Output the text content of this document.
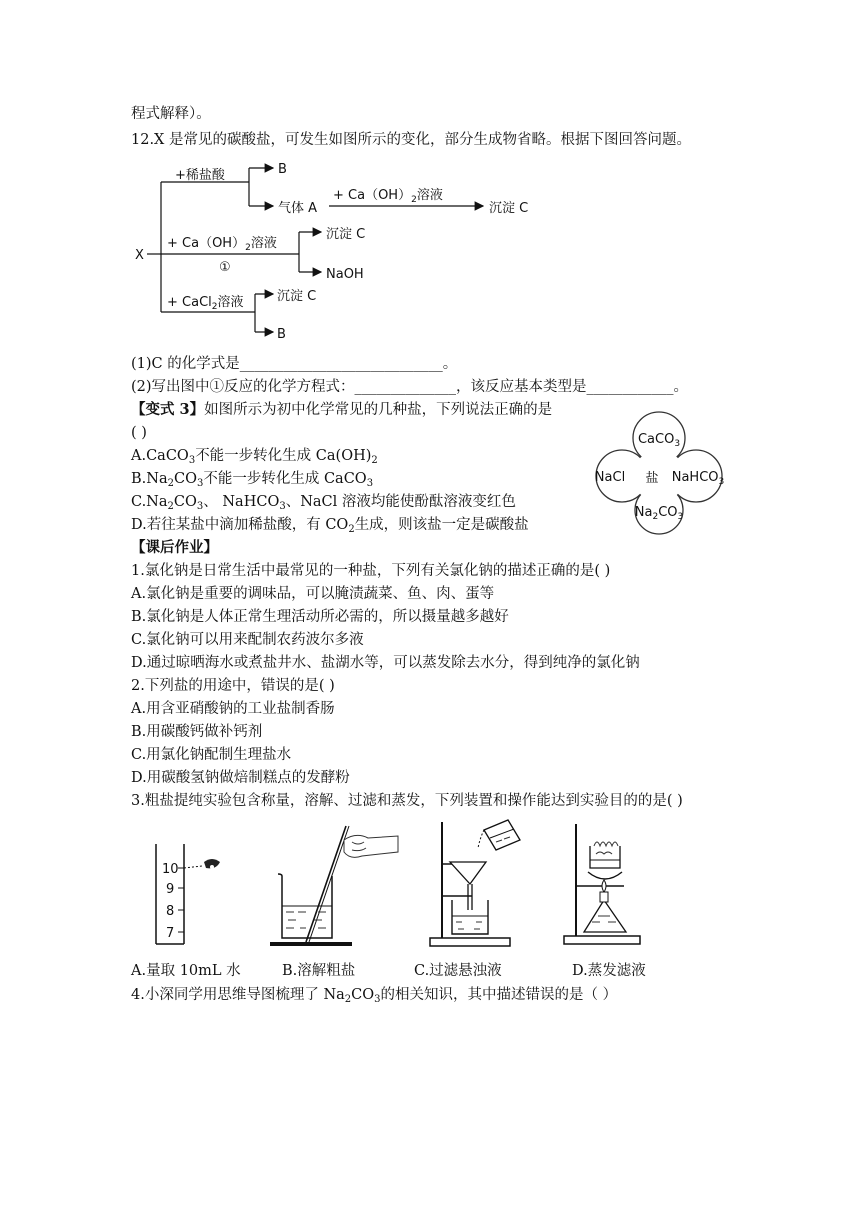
程式解释）。
12.X 是常见的碳酸盐，可发生如图所示的变化，部分生成物省略。根据下图回答问题。
X
+稀盐酸	B
气体 A
+ $Ca(OH)_2$溶液
沉淀 C
+ $Ca(OH)_2$溶液
①
沉淀 C
NaOH
+ CaCl$_2$溶液	沉淀 C
B
(1)C 的化学式是____________________________。
(2)写出图中①反应的化学方程式：______________，该反应基本类型是____________。
【变式 3】如图所示为初中化学常见的几种盐，下列说法正确的是
( )
A.CaCO$_3$不能一步转化生成 $Ca(OH)_2$
$B.Na_2CO_3$不能一步转化生成 CaCO$_3$
$C.Na_2CO_3$、 NaHCO$_3$、NaCl 溶液均能使酚酞溶液变红色
D.若往某盐中滴加稀盐酸，有 $CO_2$生成，则该盐一定是碳酸盐
CaCO$_3$
NaCl	NaHCO$_3$
$Na_2CO_3$
盐
【课后作业】
1.氯化钠是日常生活中最常见的一种盐，下列有关氯化钠的描述正确的是( )
A.氯化钠是重要的调味品，可以腌渍蔬菜、鱼、肉、蛋等
B.氯化钠是人体正常生理活动所必需的，所以摄量越多越好
C.氯化钠可以用来配制农药波尔多液
D.通过晾晒海水或煮盐井水、盐湖水等，可以蒸发除去水分，得到纯净的氯化钠
2.下列盐的用途中，错误的是( )
A.用含亚硝酸钠的工业盐制香肠
B.用碳酸钙做补钙剂
C.用氯化钠配制生理盐水
D.用碳酸氢钠做焙制糕点的发酵粉
3.粗盐提纯实验包含称量，溶解、过滤和蒸发，下列装置和操作能达到实验目的的是( )
10
9
8
7
A.量取 10mL 水	B.溶解粗盐	C.过滤悬浊液	D.蒸发滤液
4.小深同学用思维导图梳理了 $Na_2CO_3$的相关知识，其中描述错误的是（ ）
